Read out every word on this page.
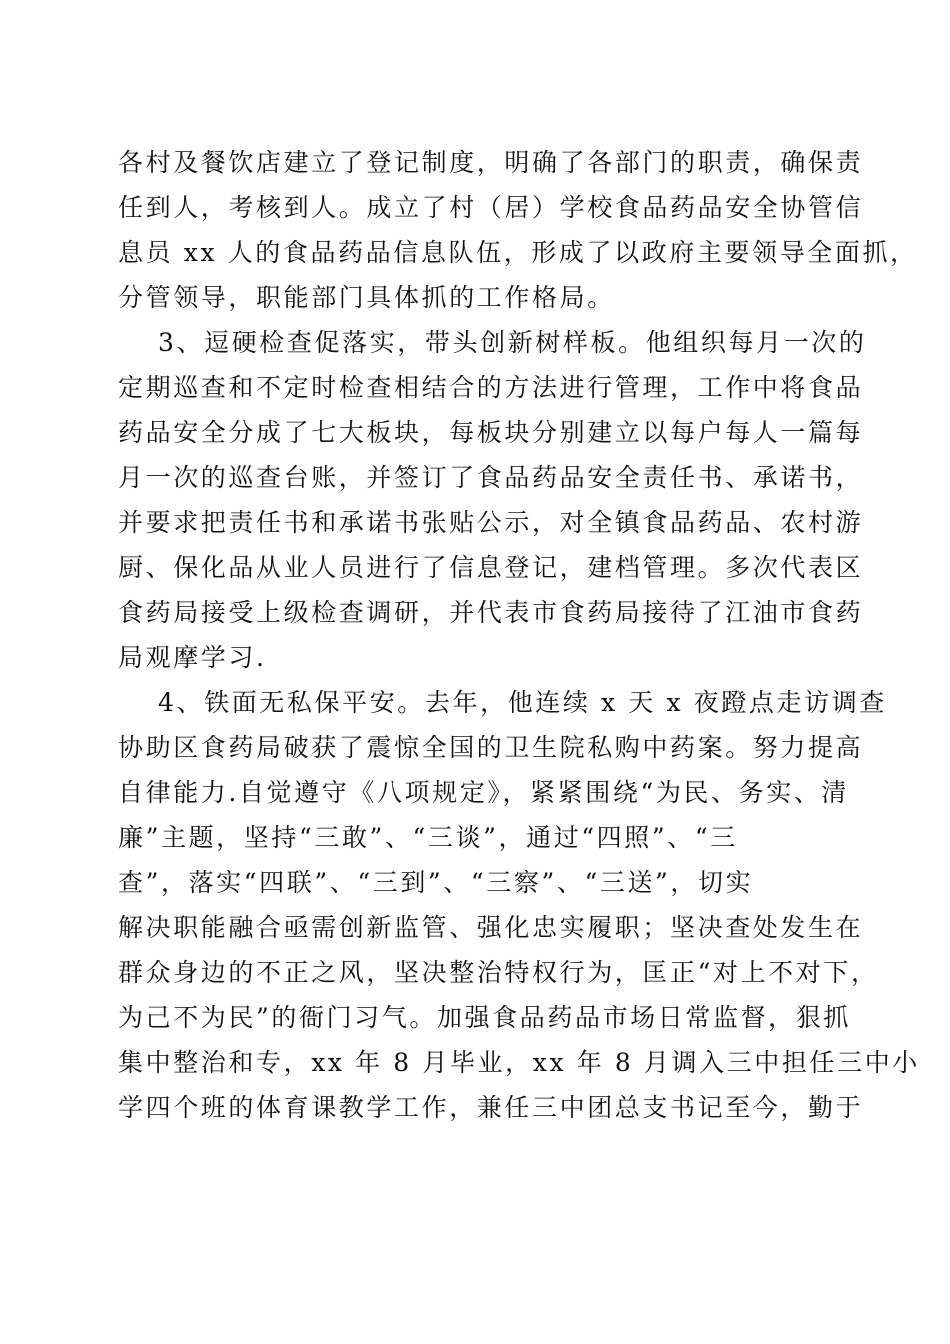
各村及餐饮店建立了登记制度，明确了各部门的职责，确保责
任到人，考核到人。成立了村（居）学校食品药品安全协管信
息员 xx 人的食品药品信息队伍，形成了以政府主要领导全面抓，
分管领导，职能部门具体抓的工作格局。
3、逗硬检查促落实，带头创新树样板。他组织每月一次的
定期巡查和不定时检查相结合的方法进行管理，工作中将食品
药品安全分成了七大板块，每板块分别建立以每户每人一篇每
月一次的巡查台账，并签订了食品药品安全责任书、承诺书，
并要求把责任书和承诺书张贴公示，对全镇食品药品、农村游
厨、保化品从业人员进行了信息登记，建档管理。多次代表区
食药局接受上级检查调研，并代表市食药局接待了江油市食药
局观摩学习.
4、铁面无私保平安。去年，他连续 x 天 x 夜蹬点走访调查
协助区食药局破获了震惊全国的卫生院私购中药案。努力提高
自律能力.自觉遵守《八项规定》，紧紧围绕“为民、务实、清
廉”主题，坚持“三敢”、“三谈”，通过“四照”、“三
查”，落实“四联”、“三到”、“三察”、“三送”，切实
解决职能融合亟需创新监管、强化忠实履职；坚决查处发生在
群众身边的不正之风，坚决整治特权行为，匡正“对上不对下，
为己不为民”的衙门习气。加强食品药品市场日常监督，狠抓
集中整治和专，xx 年 8 月毕业，xx 年 8 月调入三中担任三中小
学四个班的体育课教学工作，兼任三中团总支书记至今，勤于
